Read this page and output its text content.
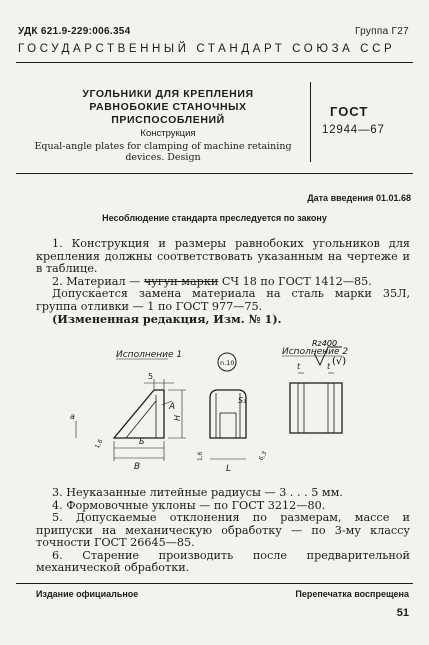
УДК 621.9-229:006.354	Группа Г27
ГОСУДАРСТВЕННЫЙ СТАНДАРТ СОЮЗА ССР
УГОЛЬНИКИ ДЛЯ КРЕПЛЕНИЯ
РАВНОБОКИЕ СТАНОЧНЫХ
ПРИСПОСОБЛЕНИЙ
Конструкция
Equal-angle plates for clamping of machine retaining
devices. Design
ГОСТ
12944—67
Дата введения 01.01.68
Несоблюдение стандарта преследуется по закону
1. Конструкция и размеры равнобоких угольников для крепления должны соответствовать указанным на чертеже и в таблице.
2. Материал — чугун марки СЧ 18 по ГОСТ 1412—85.
Допускается замена материала на сталь марки 35Л, группа отливки — 1 по ГОСТ 977—75.
(Измененная редакция, Изм. № 1).
Rz400
(√)
Исполнение 1	Исполнение 2
5
A
H
Б
B
a
1,6
n.10
S₁
L
1,6	6,3
t	t
3. Неуказанные литейные радиусы — 3 . . . 5 мм.
4. Формовочные уклоны — по ГОСТ 3212—80.
5. Допускаемые отклонения по размерам, массе и припуски на механическую обработку — по 3-му классу точности ГОСТ 26645—85.
6. Старение производить после предварительной механической обработки.
Издание официальное	Перепечатка воспрещена
51
